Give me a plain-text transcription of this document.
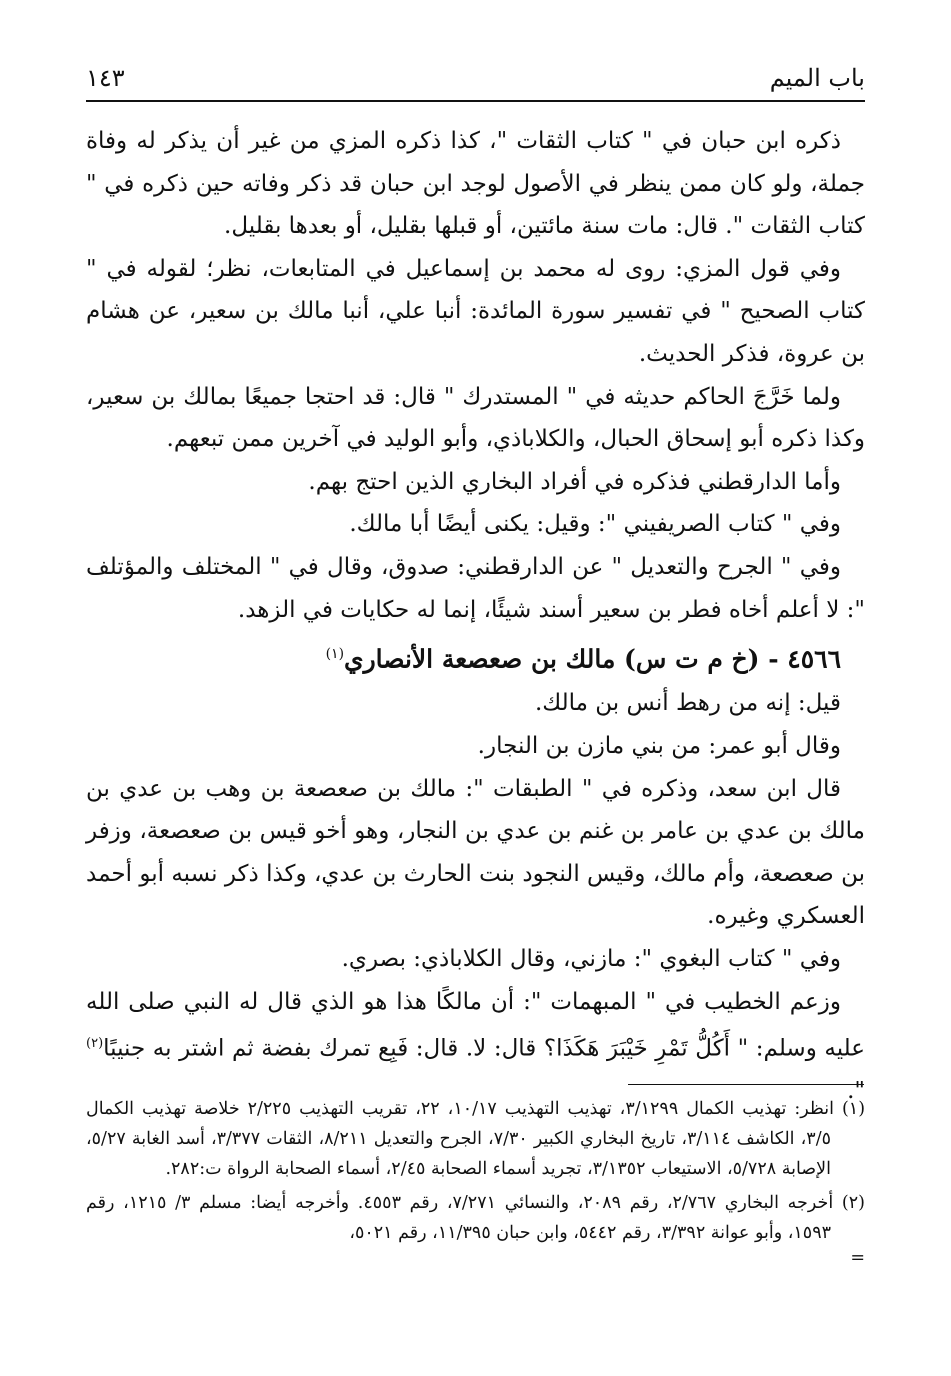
باب الميم
١٤٣

ذكره ابن حبان في " كتاب الثقات "، كذا ذكره المزي من غير أن يذكر له وفاة جملة، ولو كان ممن ينظر في الأصول لوجد ابن حبان قد ذكر وفاته حين ذكره في " كتاب الثقات ". قال: مات سنة مائتين، أو قبلها بقليل، أو بعدها بقليل.

وفي قول المزي: روى له محمد بن إسماعيل في المتابعات، نظر؛ لقوله في " كتاب الصحيح " في تفسير سورة المائدة: أنبا علي، أنبا مالك بن سعير، عن هشام بن عروة، فذكر الحديث.

ولما خَرَّجَ الحاكم حديثه في " المستدرك " قال: قد احتجا جميعًا بمالك بن سعير، وكذا ذكره أبو إسحاق الحبال، والكلاباذي، وأبو الوليد في آخرين ممن تبعهم.

وأما الدارقطني فذكره في أفراد البخاري الذين احتج بهم.

وفي " كتاب الصريفيني ": وقيل: يكنى أيضًا أبا مالك.

وفي " الجرح والتعديل " عن الدارقطني: صدوق، وقال في " المختلف والمؤتلف ": لا أعلم أخاه فطر بن سعير أسند شيئًا، إنما له حكايات في الزهد.

٤٥٦٦ - (خ م ت س) مالك بن صعصعة الأنصاري$^{(١)}$

قيل: إنه من رهط أنس بن مالك.

وقال أبو عمر: من بني مازن بن النجار.

قال ابن سعد، وذكره في " الطبقات ": مالك بن صعصعة بن وهب بن عدي بن مالك بن عدي بن عامر بن غنم بن عدي بن النجار، وهو أخو قيس بن صعصعة، وزفر بن صعصعة، وأم مالك، وقيس النجود بنت الحارث بن عدي، وكذا ذكر نسبه أبو أحمد العسكري وغيره.

وفي " كتاب البغوي ": مازني، وقال الكلاباذي: بصري.

وزعم الخطيب في " المبهمات ": أن مالكًا هذا هو الذي قال له النبي صلى الله عليه وسلم: " أَكُلُّ تَمْرِ خَيْبَرَ هَكَذَا؟ قال: لا. قال: فَبِع تمرك بفضة ثم اشتر به جنيبًا$^{(٢)}$ ".

(١) انظر: تهذيب الكمال ٣/١٢٩٩، تهذيب التهذيب ١٠/١٧، ٢٢، تقريب التهذيب ٢/٢٢٥ خلاصة تهذيب الكمال ٣/٥، الكاشف ٣/١١٤، تاريخ البخاري الكبير ٧/٣٠، الجرح والتعديل ٨/٢١١، الثقات ٣/٣٧٧، أسد الغابة ٥/٢٧، الإصابة ٥/٧٢٨، الاستيعاب ٣/١٣٥٢، تجريد أسماء الصحابة ٢/٤٥، أسماء الصحابة الرواة ت:٢٨٢.

(٢) أخرجه البخاري ٢/٧٦٧، رقم ٢٠٨٩، والنسائي ٧/٢٧١، رقم ٤٥٥٣. وأخرجه أيضا: مسلم ٣/ ١٢١٥، رقم ١٥٩٣، وأبو عوانة ٣/٣٩٢، رقم ٥٤٤٢، وابن حبان ١١/٣٩٥، رقم ٥٠٢١،

=
